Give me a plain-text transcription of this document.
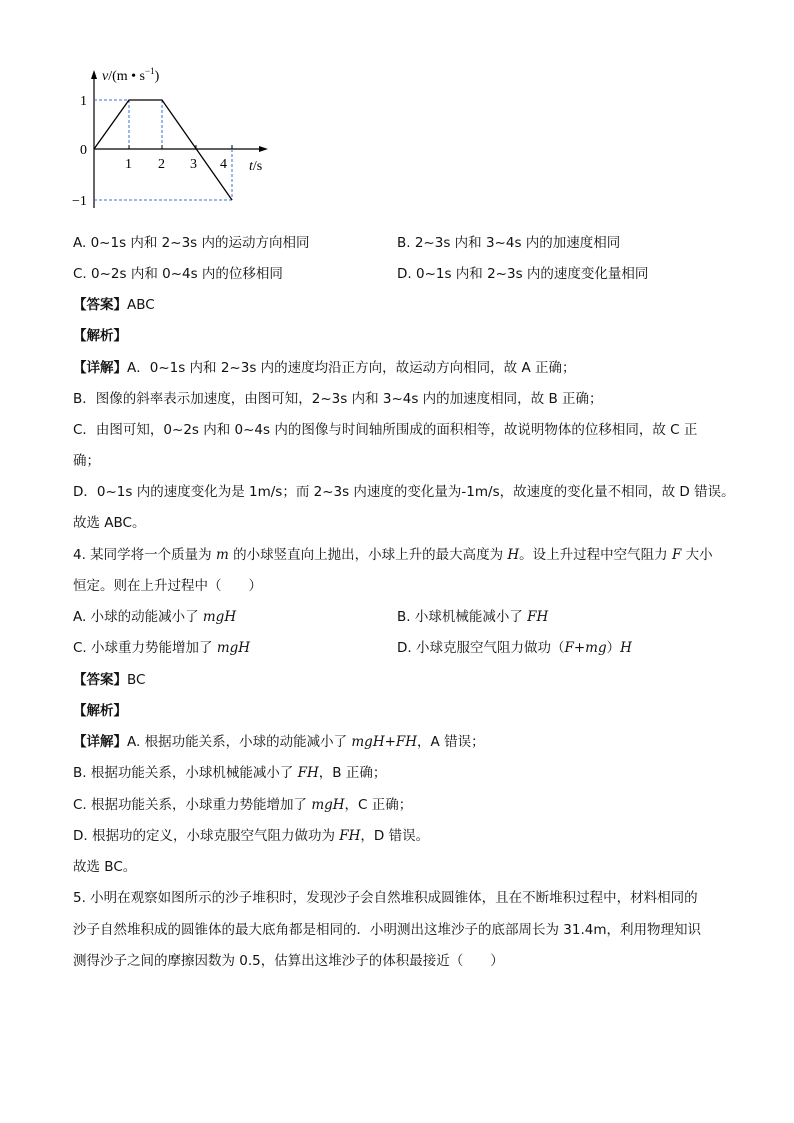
v/(m • $s^{-1}$)
1
0
−1
1 2 3 4 t/s
A. 0~1s 内和 2~3s 内的运动方向相同	B. 2~3s 内和 3~4s 内的加速度相同
C. 0~2s 内和 0~4s 内的位移相同	D. 0~1s 内和 2~3s 内的速度变化量相同
【答案】ABC
【解析】
【详解】A．0~1s 内和 2~3s 内的速度均沿正方向，故运动方向相同，故 A 正确；
B．图像的斜率表示加速度，由图可知，2~3s 内和 3~4s 内的加速度相同，故 B 正确；
C．由图可知，0~2s 内和 0~4s 内的图像与时间轴所围成的面积相等，故说明物体的位移相同，故 C 正
确；
D．0~1s 内的速度变化为是 1m/s；而 2~3s 内速度的变化量为-1m/s，故速度的变化量不相同，故 D 错误。
故选 ABC。
4. 某同学将一个质量为 m 的小球竖直向上抛出，小球上升的最大高度为 H。设上升过程中空气阻力 F 大小
恒定。则在上升过程中（　　）
A. 小球的动能减小了 mgH	B. 小球机械能减小了 FH
C. 小球重力势能增加了 mgH	D. 小球克服空气阻力做功（F+mg）H
【答案】BC
【解析】
【详解】A. 根据功能关系，小球的动能减小了 mgH+FH，A 错误；
B. 根据功能关系，小球机械能减小了 FH，B 正确；
C. 根据功能关系，小球重力势能增加了 mgH，C 正确；
D. 根据功的定义，小球克服空气阻力做功为 FH，D 错误。
故选 BC。
5. 小明在观察如图所示的沙子堆积时，发现沙子会自然堆积成圆锥体，且在不断堆积过程中，材料相同的
沙子自然堆积成的圆锥体的最大底角都是相同的．小明测出这堆沙子的底部周长为 31.4m，利用物理知识
测得沙子之间的摩擦因数为 0.5，估算出这堆沙子的体积最接近（　　）
